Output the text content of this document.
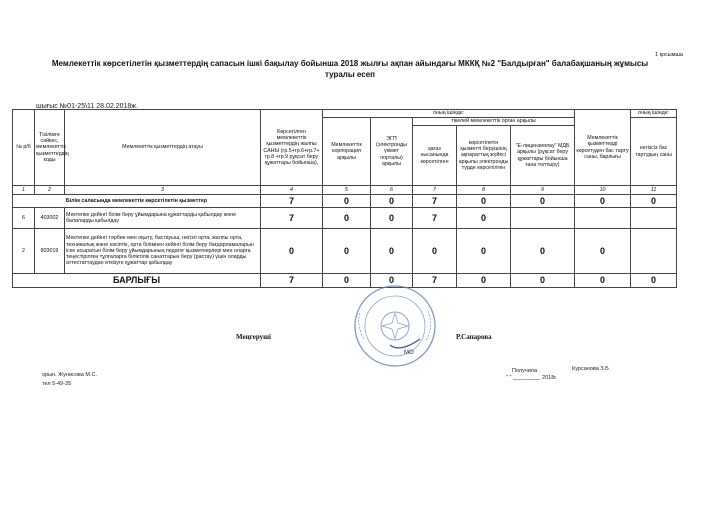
1 қосымша
Мемлекеттік көрсетілетін қызметтердің сапасын ішкі бақылау бойынша 2018 жылғы ақпан айындағы МККҚ №2 "Балдырған" балабақшаның жұмысы туралы есеп
шығыс №01-25\11 28.02.2018ж.
№ р/б	Тізілімге сәйкес, мемлекеттік қызметтердің коды	Мемлекеттік қызметтердің атауы	Көрсетілген мемлекеттік қызметтердің жалпы САНЫ (гр.5+гр.6+гр.7+ гр.8 +гр.9 рұқсат беру құжаттары бойынша),	оның ішінде:					Мемлекеттік қызметтерді көрсетуден бас тарту саны, барлығы	оның ішінде:
				Мемлекеттік корпорация арқылы	ЭГП (электронды үкімет порталы) арқылы	тікелей мемлекеттік орган арқылы				негізсіз бас тартудың саны
						қағаз нысанында көрсетілген	көрсетілетін қызметті берушінің ақпараттық жүйесі арқылы электронды түрде көрсетілген	"Е-лицензиялау" МДБ арқылы (рұқсат беру құжаттары бойынша ғана толтыру)		
1	2	3	4	5	6	7	8	9	10	11
Білім саласында мемлекеттік көрсетілетін қызметтер			7	0	0	7	0	0	0	0
6	403002	Мектепке дейінгі білім беру ұйымдарына құжаттарды қабылдау және балаларды қабылдау	7	0	0	7	0			
2	803019	Мектепке дейінгі тәрбие мен оқыту, бастауыш, негізгі орта, жалпы орта, техникалық және кәсіптік, орта білімнен кейінгі білім беру бағдарламаларын іске асыратын білім беру ұйымдарының педагог қызметкерлері мен оларға теңестірілген тұлғаларға біліктілік санаттарын беру (растау) үшін оларды аттестаттаудан өткізуге құжаттар қабылдау	0	0	0	0	0	0	0	
БАРЛЫҒЫ			7	0	0	7	0	0	0	0
Меңгеруші	Р.Сапарова
МО
орын. Жунисова М.С.
тел 5-49-35
Получила	Курсанова З.Б.
" " _________ 2018г.
